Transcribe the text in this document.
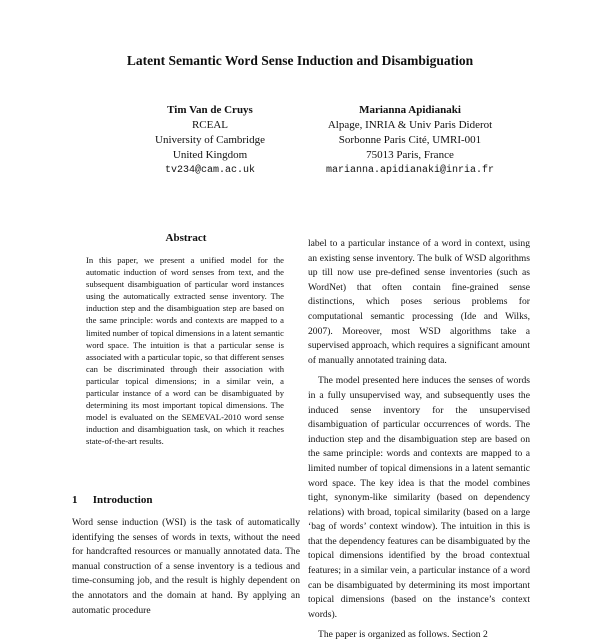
Latent Semantic Word Sense Induction and Disambiguation
Tim Van de Cruys
RCEAL
University of Cambridge
United Kingdom
tv234@cam.ac.uk
Marianna Apidianaki
Alpage, INRIA & Univ Paris Diderot
Sorbonne Paris Cité, UMRI-001
75013 Paris, France
marianna.apidianaki@inria.fr
Abstract
In this paper, we present a unified model for the automatic induction of word senses from text, and the subsequent disambiguation of particular word instances using the automatically extracted sense inventory. The induction step and the disambiguation step are based on the same principle: words and contexts are mapped to a limited number of topical dimensions in a latent semantic word space. The intuition is that a particular sense is associated with a particular topic, so that different senses can be discriminated through their association with particular topical dimensions; in a similar vein, a particular instance of a word can be disambiguated by determining its most important topical dimensions. The model is evaluated on the SEMEVAL-2010 word sense induction and disambiguation task, on which it reaches state-of-the-art results.
1 Introduction
Word sense induction (WSI) is the task of automatically identifying the senses of words in texts, without the need for handcrafted resources or manually annotated data. The manual construction of a sense inventory is a tedious and time-consuming job, and the result is highly dependent on the annotators and the domain at hand. By applying an automatic procedure

label to a particular instance of a word in context, using an existing sense inventory. The bulk of WSD algorithms up till now use pre-defined sense inventories (such as WordNet) that often contain fine-grained sense distinctions, which poses serious problems for computational semantic processing (Ide and Wilks, 2007). Moreover, most WSD algorithms take a supervised approach, which requires a significant amount of manually annotated training data.

The model presented here induces the senses of words in a fully unsupervised way, and subsequently uses the induced sense inventory for the unsupervised disambiguation of particular occurrences of words. The induction step and the disambiguation step are based on the same principle: words and contexts are mapped to a limited number of topical dimensions in a latent semantic word space. The key idea is that the model combines tight, synonym-like similarity (based on dependency relations) with broad, topical similarity (based on a large ‘bag of words’ context window). The intuition in this is that the dependency features can be disambiguated by the topical dimensions identified by the broad contextual features; in a similar vein, a particular instance of a word can be disambiguated by determining its most important topical dimensions (based on the instance’s context words).

The paper is organized as follows. Section 2
